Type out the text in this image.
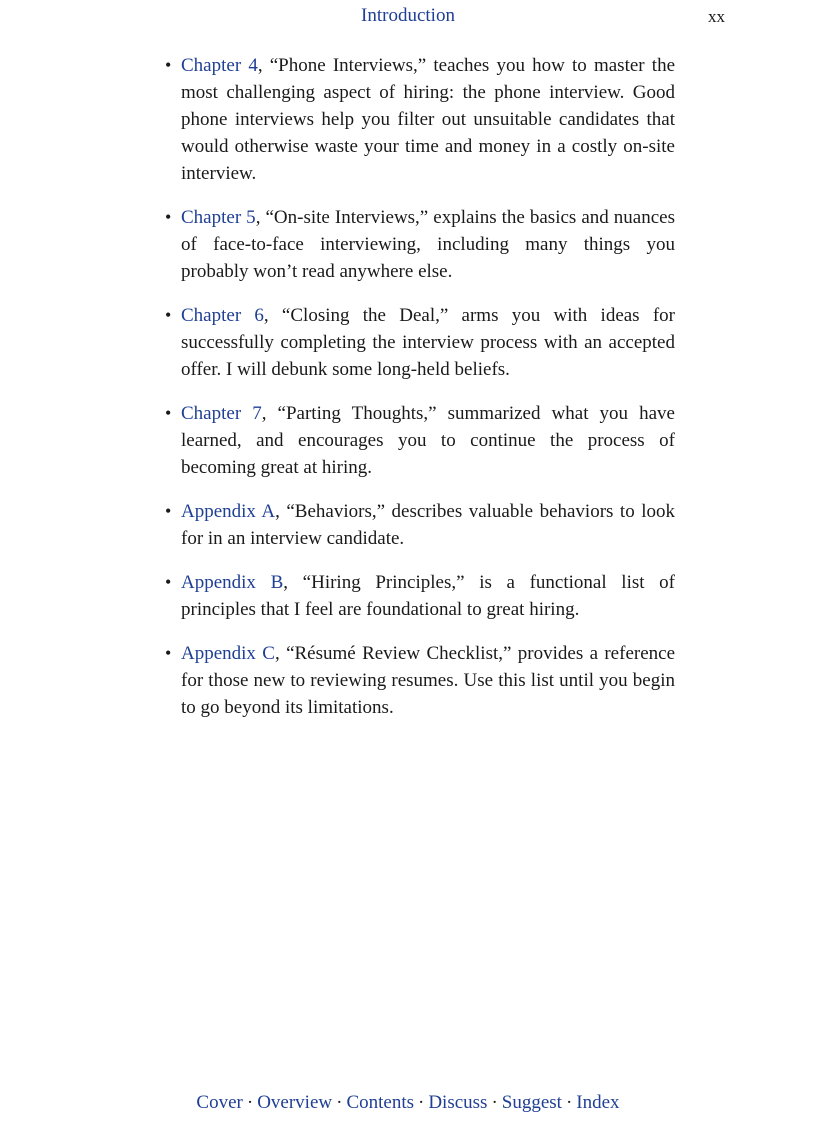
Introduction	xx
• Chapter 4, “Phone Interviews,” teaches you how to master the most challenging aspect of hiring: the phone interview. Good phone interviews help you filter out unsuitable candidates that would otherwise waste your time and money in a costly on-site interview.
• Chapter 5, “On-site Interviews,” explains the basics and nuances of face-to-face interviewing, including many things you probably won’t read anywhere else.
• Chapter 6, “Closing the Deal,” arms you with ideas for successfully completing the interview process with an accepted offer. I will debunk some long-held beliefs.
• Chapter 7, “Parting Thoughts,” summarized what you have learned, and encourages you to continue the process of becoming great at hiring.
• Appendix A, “Behaviors,” describes valuable behaviors to look for in an interview candidate.
• Appendix B, “Hiring Principles,” is a functional list of principles that I feel are foundational to great hiring.
• Appendix C, “Résumé Review Checklist,” provides a reference for those new to reviewing resumes. Use this list until you begin to go beyond its limitations.
Cover · Overview · Contents · Discuss · Suggest · Index
